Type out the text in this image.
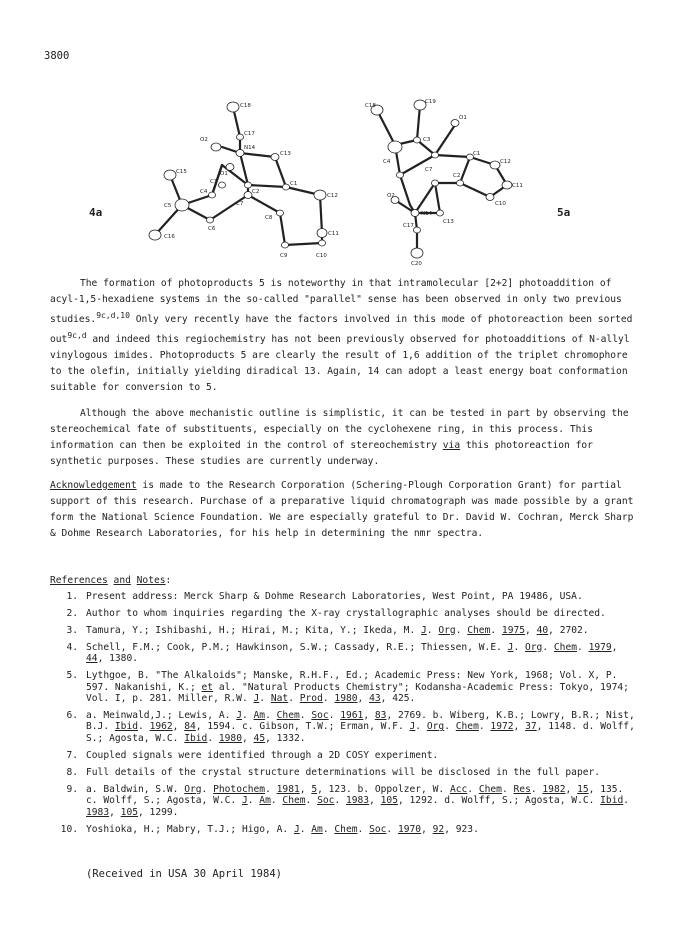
3800
4a	5a
C18
C17
N14
O2
O1
C13
C15
C3
C4
C5
C2
C1
C12
C7
C8
C6
C16	C11
C9	C10
C19
C18
O1
C3
C4
C1
C7
C2
C12
C11
C10
O2
N14
C17
C13
C20

The formation of photoproducts 5 is noteworthy in that intramolecular [2+2] photoaddition of acyl-1,5-hexadiene systems in the so-called "parallel" sense has been observed in only two previous studies.$^{9c,d,10}$ Only very recently have the factors involved in this mode of photoreaction been sorted out$^{9c,d}$ and indeed this regiochemistry has not been previously observed for photoadditions of N-allyl vinylogous imides. Photoproducts 5 are clearly the result of 1,6 addition of the triplet chromophore to the olefin, initially yielding diradical 13. Again, 14 can adopt a least energy boat conformation suitable for conversion to 5.

Although the above mechanistic outline is simplistic, it can be tested in part by observing the stereochemical fate of substituents, especially on the cyclohexene ring, in this process. This information can then be exploited in the control of stereochemistry via this photoreaction for synthetic purposes. These studies are currently underway.

Acknowledgement is made to the Research Corporation (Schering-Plough Corporation Grant) for partial support of this research. Purchase of a preparative liquid chromatograph was made possible by a grant form the National Science Foundation. We are especially grateful to Dr. David W. Cochran, Merck Sharp & Dohme Research Laboratories, for his help in determining the nmr spectra.

References and Notes:
1. Present address: Merck Sharp & Dohme Research Laboratories, West Point, PA 19486, USA.
2. Author to whom inquiries regarding the X-ray crystallographic analyses should be directed.
3. Tamura, Y.; Ishibashi, H.; Hirai, M.; Kita, Y.; Ikeda, M. J. Org. Chem. 1975, 40, 2702.
4. Schell, F.M.; Cook, P.M.; Hawkinson, S.W.; Cassady, R.E.; Thiessen, W.E. J. Org. Chem. 1979, 44, 1380.
5. Lythgoe, B. "The Alkaloids"; Manske, R.H.F., Ed.; Academic Press: New York, 1968; Vol. X, P. 597. Nakanishi, K.; et al. "Natural Products Chemistry"; Kodansha-Academic Press: Tokyo, 1974; Vol. I, p. 281. Miller, R.W. J. Nat. Prod. 1980, 43, 425.
6. a. Meinwald,J.; Lewis, A. J. Am. Chem. Soc. 1961, 83, 2769. b. Wiberg, K.B.; Lowry, B.R.; Nist, B.J. Ibid. 1962, 84, 1594. c. Gibson, T.W.; Erman, W.F. J. Org. Chem. 1972, 37, 1148. d. Wolff, S.; Agosta, W.C. Ibid. 1980, 45, 1332.
7. Coupled signals were identified through a 2D COSY experiment.
8. Full details of the crystal structure determinations will be disclosed in the full paper.
9. a. Baldwin, S.W. Org. Photochem. 1981, 5, 123. b. Oppolzer, W. Acc. Chem. Res. 1982, 15, 135. c. Wolff, S.; Agosta, W.C. J. Am. Chem. Soc. 1983, 105, 1292. d. Wolff, S.; Agosta, W.C. Ibid. 1983, 105, 1299.
10. Yoshioka, H.; Mabry, T.J.; Higo, A. J. Am. Chem. Soc. 1970, 92, 923.
(Received in USA 30 April 1984)
